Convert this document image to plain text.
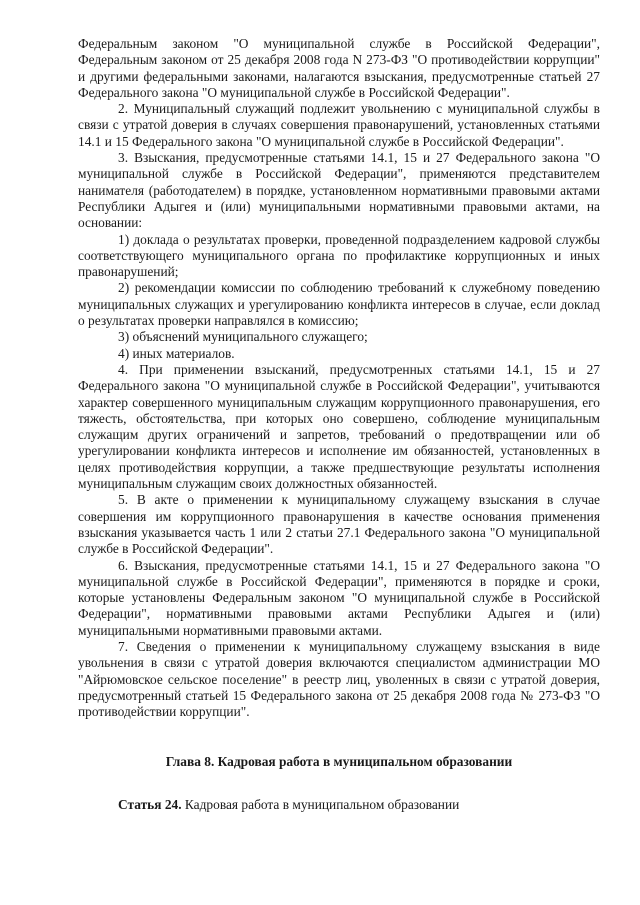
Федеральным законом "О муниципальной службе в Российской Федерации", Федеральным законом от 25 декабря 2008 года N 273-ФЗ "О противодействии коррупции" и другими федеральными законами, налагаются взыскания, предусмотренные статьей 27 Федерального закона "О муниципальной службе в Российской Федерации".

2. Муниципальный служащий подлежит увольнению с муниципальной службы в связи с утратой доверия в случаях совершения правонарушений, установленных статьями 14.1 и 15 Федерального закона "О муниципальной службе в Российской Федерации".

3. Взыскания, предусмотренные статьями 14.1, 15 и 27 Федерального закона "О муниципальной службе в Российской Федерации", применяются представителем нанимателя (работодателем) в порядке, установленном нормативными правовыми актами Республики Адыгея и (или) муниципальными нормативными правовыми актами, на основании:

1) доклада о результатах проверки, проведенной подразделением кадровой службы соответствующего муниципального органа по профилактике коррупционных и иных правонарушений;

2) рекомендации комиссии по соблюдению требований к служебному поведению муниципальных служащих и урегулированию конфликта интересов в случае, если доклад о результатах проверки направлялся в комиссию;

3) объяснений муниципального служащего;

4) иных материалов.

4. При применении взысканий, предусмотренных статьями 14.1, 15 и 27 Федерального закона "О муниципальной службе в Российской Федерации", учитываются характер совершенного муниципальным служащим коррупционного правонарушения, его тяжесть, обстоятельства, при которых оно совершено, соблюдение муниципальным служащим других ограничений и запретов, требований о предотвращении или об урегулировании конфликта интересов и исполнение им обязанностей, установленных в целях противодействия коррупции, а также предшествующие результаты исполнения муниципальным служащим своих должностных обязанностей.

5. В акте о применении к муниципальному служащему взыскания в случае совершения им коррупционного правонарушения в качестве основания применения взыскания указывается часть 1 или 2 статьи 27.1 Федерального закона "О муниципальной службе в Российской Федерации".

6. Взыскания, предусмотренные статьями 14.1, 15 и 27 Федерального закона "О муниципальной службе в Российской Федерации", применяются в порядке и сроки, которые установлены Федеральным законом "О муниципальной службе в Российской Федерации", нормативными правовыми актами Республики Адыгея и (или) муниципальными нормативными правовыми актами.

7. Сведения о применении к муниципальному служащему взыскания в виде увольнения в связи с утратой доверия включаются специалистом администрации МО "Айрюмовское сельское поселение" в реестр лиц, уволенных в связи с утратой доверия, предусмотренный статьей 15 Федерального закона от 25 декабря 2008 года № 273-ФЗ "О противодействии коррупции".

Глава 8. Кадровая работа в муниципальном образовании

Статья 24. Кадровая работа в муниципальном образовании
